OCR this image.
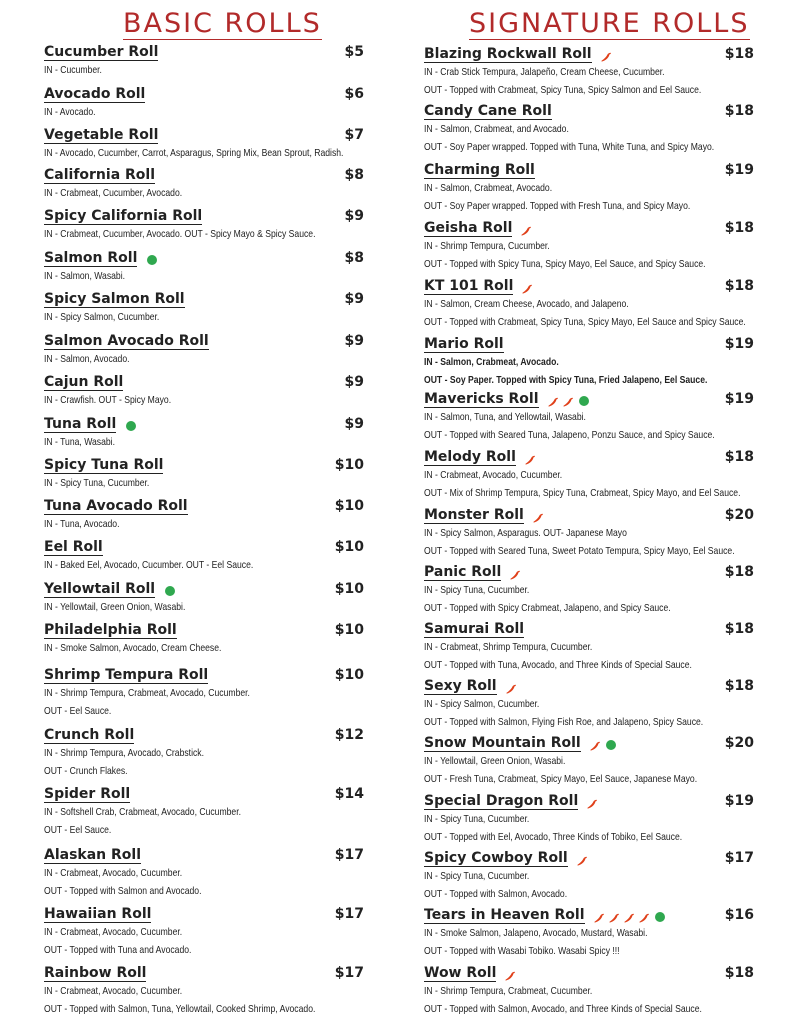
BASIC ROLLS
Cucumber Roll	$5
IN - Cucumber.
Avocado Roll	$6
IN - Avocado.
Vegetable Roll	$7
IN - Avocado, Cucumber, Carrot, Asparagus, Spring Mix, Bean Sprout, Radish.
California Roll	$8
IN - Crabmeat, Cucumber, Avocado.
Spicy California Roll	$9
IN - Crabmeat, Cucumber, Avocado. OUT - Spicy Mayo & Spicy Sauce.
Salmon Roll	$8
IN - Salmon, Wasabi.
Spicy Salmon Roll	$9
IN - Spicy Salmon, Cucumber.
Salmon Avocado Roll	$9
IN - Salmon, Avocado.
Cajun Roll	$9
IN - Crawfish. OUT - Spicy Mayo.
Tuna Roll	$9
IN - Tuna, Wasabi.
Spicy Tuna Roll	$10
IN - Spicy Tuna, Cucumber.
Tuna Avocado Roll	$10
IN - Tuna, Avocado.
Eel Roll	$10
IN - Baked Eel, Avocado, Cucumber. OUT - Eel Sauce.
Yellowtail Roll	$10
IN - Yellowtail, Green Onion, Wasabi.
Philadelphia Roll	$10
IN - Smoke Salmon, Avocado, Cream Cheese.
Shrimp Tempura Roll	$10
IN - Shrimp Tempura, Crabmeat, Avocado, Cucumber.
OUT - Eel Sauce.
Crunch Roll	$12
IN - Shrimp Tempura, Avocado, Crabstick.
OUT - Crunch Flakes.
Spider Roll	$14
IN - Softshell Crab, Crabmeat, Avocado, Cucumber.
OUT - Eel Sauce.
Alaskan Roll	$17
IN - Crabmeat, Avocado, Cucumber.
OUT - Topped with Salmon and Avocado.
Hawaiian Roll	$17
IN - Crabmeat, Avocado, Cucumber.
OUT - Topped with Tuna and Avocado.
Rainbow Roll	$17
IN - Crabmeat, Avocado, Cucumber.
OUT - Topped with Salmon, Tuna, Yellowtail, Cooked Shrimp, Avocado.
SIGNATURE ROLLS
Blazing Rockwall Roll	$18
IN - Crab Stick Tempura, Jalapeño, Cream Cheese, Cucumber.
OUT - Topped with Crabmeat, Spicy Tuna, Spicy Salmon and Eel Sauce.
Candy Cane Roll	$18
IN - Salmon, Crabmeat, and Avocado.
OUT - Soy Paper wrapped. Topped with Tuna, White Tuna, and Spicy Mayo.
Charming Roll	$19
IN - Salmon, Crabmeat, Avocado.
OUT - Soy Paper wrapped. Topped with Fresh Tuna, and Spicy Mayo.
Geisha Roll	$18
IN - Shrimp Tempura, Cucumber.
OUT - Topped with Spicy Tuna, Spicy Mayo, Eel Sauce, and Spicy Sauce.
KT 101 Roll	$18
IN - Salmon, Cream Cheese, Avocado, and Jalapeno.
OUT - Topped with Crabmeat, Spicy Tuna, Spicy Mayo, Eel Sauce and Spicy Sauce.
Mario Roll	$19
IN - Salmon, Crabmeat, Avocado.
OUT - Soy Paper. Topped with Spicy Tuna, Fried Jalapeno, Eel Sauce.
Mavericks Roll	$19
IN - Salmon, Tuna, and Yellowtail, Wasabi.
OUT - Topped with Seared Tuna, Jalapeno, Ponzu Sauce, and Spicy Sauce.
Melody Roll	$18
IN - Crabmeat, Avocado, Cucumber.
OUT - Mix of Shrimp Tempura, Spicy Tuna, Crabmeat, Spicy Mayo, and Eel Sauce.
Monster Roll	$20
IN - Spicy Salmon, Asparagus. OUT- Japanese Mayo
OUT - Topped with Seared Tuna, Sweet Potato Tempura, Spicy Mayo, Eel Sauce.
Panic Roll	$18
IN - Spicy Tuna, Cucumber.
OUT - Topped with Spicy Crabmeat, Jalapeno, and Spicy Sauce.
Samurai Roll	$18
IN - Crabmeat, Shrimp Tempura, Cucumber.
OUT - Topped with Tuna, Avocado, and Three Kinds of Special Sauce.
Sexy Roll	$18
IN - Spicy Salmon, Cucumber.
OUT - Topped with Salmon, Flying Fish Roe, and Jalapeno, Spicy Sauce.
Snow Mountain Roll	$20
IN - Yellowtail, Green Onion, Wasabi.
OUT - Fresh Tuna, Crabmeat, Spicy Mayo, Eel Sauce, Japanese Mayo.
Special Dragon Roll	$19
IN - Spicy Tuna, Cucumber.
OUT - Topped with Eel, Avocado, Three Kinds of Tobiko, Eel Sauce.
Spicy Cowboy Roll	$17
IN - Spicy Tuna, Cucumber.
OUT - Topped with Salmon, Avocado.
Tears in Heaven Roll	$16
IN - Smoke Salmon, Jalapeno, Avocado, Mustard, Wasabi.
OUT - Topped with Wasabi Tobiko. Wasabi Spicy !!!
Wow Roll	$18
IN - Shrimp Tempura, Crabmeat, Cucumber.
OUT - Topped with Salmon, Avocado, and Three Kinds of Special Sauce.
